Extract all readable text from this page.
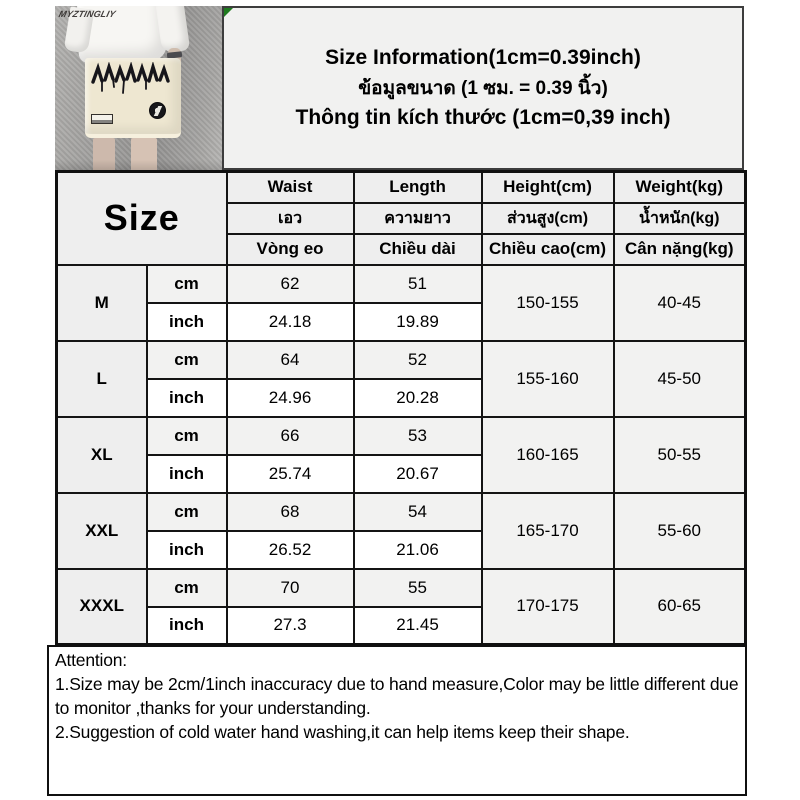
MYZTINGLIY
Size Information(1cm=0.39inch)
ข้อมูลขนาด (1 ซม. = 0.39 นิ้ว)
Thông tin kích thước (1cm=0,39 inch)
Size		Waist	Length	Height(cm)	Weight(kg)
		เอว	ความยาว	ส่วนสูง(cm)	น้ำหนัก(kg)
		Vòng eo	Chiều dài	Chiều cao(cm)	Cân nặng(kg)
M	cm	62	51	150-155	40-45
	inch	24.18	19.89		
L	cm	64	52	155-160	45-50
	inch	24.96	20.28		
XL	cm	66	53	160-165	50-55
	inch	25.74	20.67		
XXL	cm	68	54	165-170	55-60
	inch	26.52	21.06		
XXXL	cm	70	55	170-175	60-65
	inch	27.3	21.45		

Attention:

1.Size may be 2cm/1inch inaccuracy due to hand measure,Color may be little different due to monitor ,thanks for your understanding.

2.Suggestion of cold water hand washing,it can help items keep their shape.
